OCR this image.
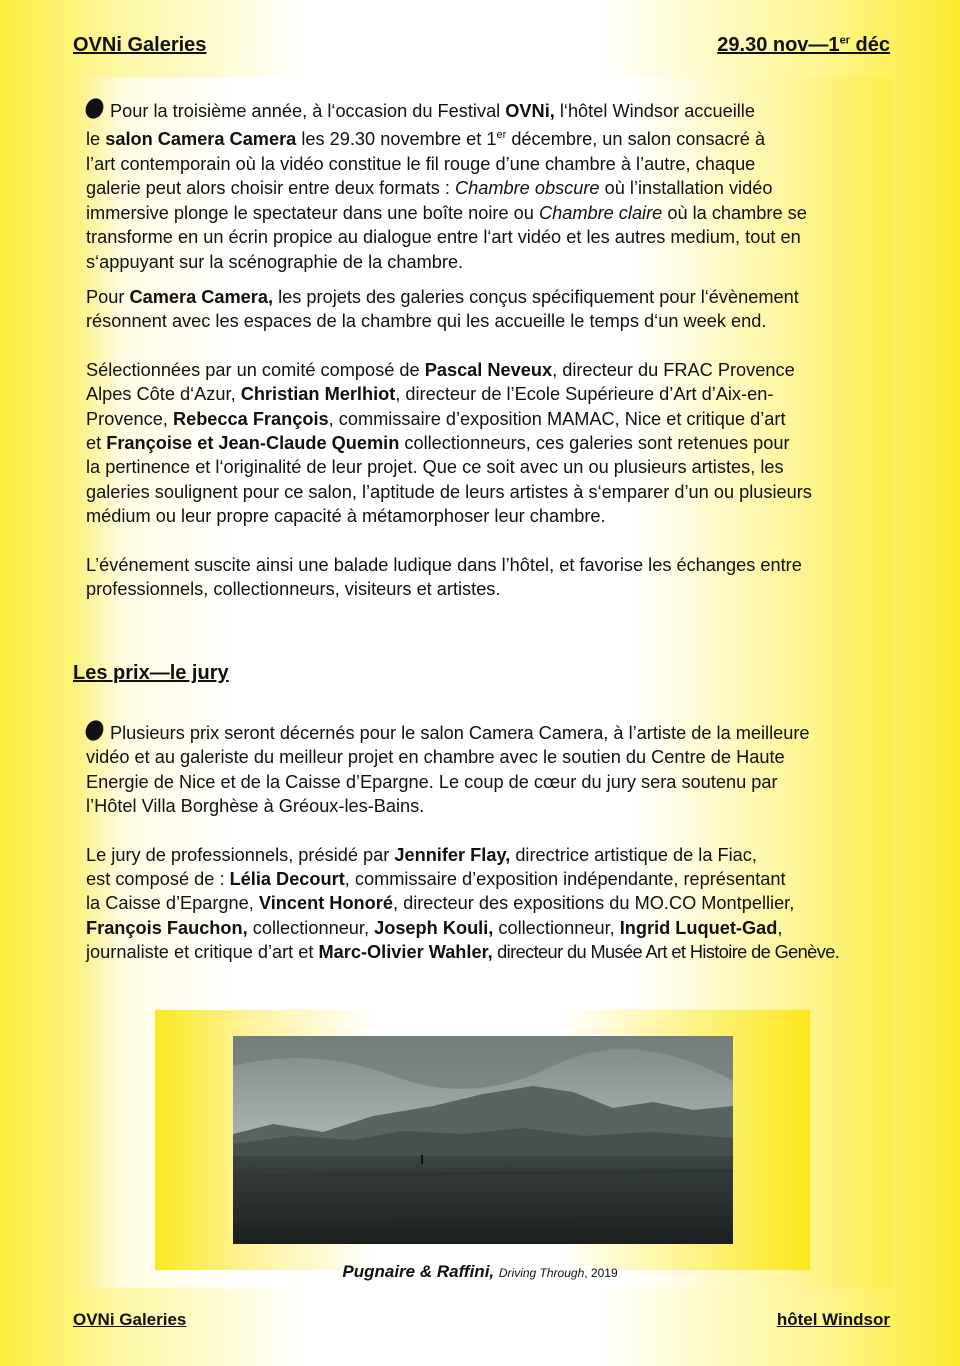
OVNi Galeries	29.30 nov—1er déc

Pour la troisième année, à l‘occasion du Festival OVNi, l‘hôtel Windsor accueille
le salon Camera Camera les 29.30 novembre et 1er décembre, un salon consacré à
l’art contemporain où la vidéo constitue le fil rouge d’une chambre à l’autre, chaque
galerie peut alors choisir entre deux formats : Chambre obscure où l’installation vidéo
immersive plonge le spectateur dans une boîte noire ou Chambre claire où la chambre se
transforme en un écrin propice au dialogue entre l‘art vidéo et les autres medium, tout en
s‘appuyant sur la scénographie de la chambre.

Pour Camera Camera, les projets des galeries conçus spécifiquement pour l‘évènement
résonnent avec les espaces de la chambre qui les accueille le temps d‘un week end.

Sélectionnées par un comité composé de Pascal Neveux, directeur du FRAC Provence
Alpes Côte d‘Azur, Christian Merlhiot, directeur de l’Ecole Supérieure d’Art d’Aix-en-
Provence, Rebecca François, commissaire d’exposition MAMAC, Nice et critique d’art
et Françoise et Jean-Claude Quemin collectionneurs, ces galeries sont retenues pour
la pertinence et l‘originalité de leur projet. Que ce soit avec un ou plusieurs artistes, les
galeries soulignent pour ce salon, l’aptitude de leurs artistes à s‘emparer d’un ou plusieurs
médium ou leur propre capacité à métamorphoser leur chambre.

L’événement suscite ainsi une balade ludique dans l’hôtel, et favorise les échanges entre
professionnels, collectionneurs, visiteurs et artistes.

Les prix—le jury

Plusieurs prix seront décernés pour le salon Camera Camera, à l’artiste de la meilleure
vidéo et au galeriste du meilleur projet en chambre avec le soutien du Centre de Haute
Energie de Nice et de la Caisse d’Epargne. Le coup de cœur du jury sera soutenu par
l’Hôtel Villa Borghèse à Gréoux-les-Bains.

Le jury de professionnels, présidé par Jennifer Flay, directrice artistique de la Fiac,
est composé de : Lélia Decourt, commissaire d’exposition indépendante, représentant
la Caisse d’Epargne, Vincent Honoré, directeur des expositions du MO.CO Montpellier,
François Fauchon, collectionneur, Joseph Kouli, collectionneur, Ingrid Luquet-Gad,
journaliste et critique d’art et Marc-Olivier Wahler, directeur du Musée Art et Histoire de Genève.

Pugnaire & Raffini, Driving Through, 2019
OVNi Galeries	hôtel Windsor
